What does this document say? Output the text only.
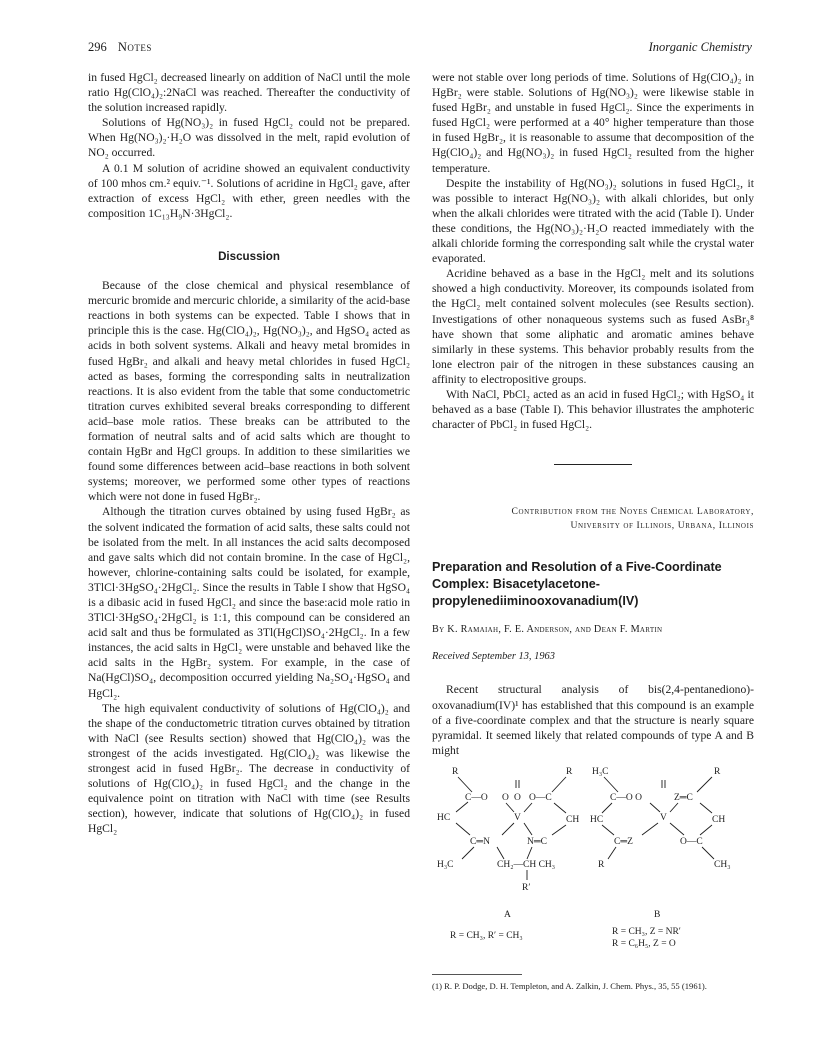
296 Notes	Inorganic Chemistry

in fused HgCl₂ decreased linearly on addition of NaCl until the mole ratio Hg(ClO₄)₂:2NaCl was reached. Thereafter the conductivity of the solution increased rapidly.

Solutions of Hg(NO₃)₂ in fused HgCl₂ could not be prepared. When Hg(NO₃)₂·H₂O was dissolved in the melt, rapid evolution of NO₂ occurred.

A 0.1 M solution of acridine showed an equivalent conductivity of 100 mhos cm.² equiv.⁻¹. Solutions of acridine in HgCl₂ gave, after extraction of excess HgCl₂ with ether, green needles with the composition 1C₁₃H₉N·3HgCl₂.

Discussion

Because of the close chemical and physical resemblance of mercuric bromide and mercuric chloride, a similarity of the acid-base reactions in both systems can be expected. Table I shows that in principle this is the case. Hg(ClO₄)₂, Hg(NO₃)₂, and HgSO₄ acted as acids in both solvent systems. Alkali and heavy metal bromides in fused HgBr₂ and alkali and heavy metal chlorides in fused HgCl₂ acted as bases, forming the corresponding salts in neutralization reactions. It is also evident from the table that some conductometric titration curves exhibited several breaks corresponding to different acid–base mole ratios. These breaks can be attributed to the formation of neutral salts and of acid salts which are thought to contain HgBr and HgCl groups. In addition to these similarities we found some differences between acid–base reactions in both solvent systems; moreover, we performed some other types of reactions which were not done in fused HgBr₂.

Although the titration curves obtained by using fused HgBr₂ as the solvent indicated the formation of acid salts, these salts could not be isolated from the melt. In all instances the acid salts decomposed and gave salts which did not contain bromine. In the case of HgCl₂, however, chlorine-containing salts could be isolated, for example, 3TlCl·3HgSO₄·2HgCl₂. Since the results in Table I show that HgSO₄ is a dibasic acid in fused HgCl₂ and since the base:acid mole ratio in 3TlCl·3HgSO₄·2HgCl₂ is 1:1, this compound can be considered an acid salt and thus be formulated as 3Tl(HgCl)SO₄·2HgCl₂. In a few instances, the acid salts in HgCl₂ were unstable and behaved like the acid salts in the HgBr₂ system. For example, in the case of Na(HgCl)SO₄, decomposition occurred yielding Na₂SO₄·HgSO₄ and HgCl₂.

The high equivalent conductivity of solutions of Hg(ClO₄)₂ and the shape of the conductometric titration curves obtained by titration with NaCl (see Results section) showed that Hg(ClO₄)₂ was the strongest of the acids investigated. Hg(ClO₄)₂ was likewise the strongest acid in fused HgBr₂. The decrease in conductivity of solutions of Hg(ClO₄)₂ in fused HgCl₂ and the change in the equivalence point on titration with NaCl with time (see Results section), however, indicate that solutions of Hg(ClO₄)₂ in fused HgCl₂

were not stable over long periods of time. Solutions of Hg(ClO₄)₂ in HgBr₂ were stable. Solutions of Hg(NO₃)₂ were likewise stable in fused HgBr₂ and unstable in fused HgCl₂. Since the experiments in fused HgCl₂ were performed at a 40° higher temperature than those in fused HgBr₂, it is reasonable to assume that decomposition of the Hg(ClO₄)₂ and Hg(NO₃)₂ in fused HgCl₂ resulted from the higher temperature.

Despite the instability of Hg(NO₃)₂ solutions in fused HgCl₂, it was possible to interact Hg(NO₃)₂ with alkali chlorides, but only when the alkali chlorides were titrated with the acid (Table I). Under these conditions, the Hg(NO₃)₂·H₂O reacted immediately with the alkali chloride forming the corresponding salt while the crystal water evaporated.

Acridine behaved as a base in the HgCl₂ melt and its solutions showed a high conductivity. Moreover, its compounds isolated from the HgCl₂ melt contained solvent molecules (see Results section). Investigations of other nonaqueous systems such as fused AsBr₃⁸ have shown that some aliphatic and aromatic amines behave similarly in these systems. This behavior probably results from the lone electron pair of the nitrogen in these substances causing an affinity to electropositive groups.

With NaCl, PbCl₂ acted as an acid in fused HgCl₂; with HgSO₄ it behaved as a base (Table I). This behavior illustrates the amphoteric character of PbCl₂ in fused HgCl₂.

Contribution from the Noyes Chemical Laboratory,
University of Illinois, Urbana, Illinois
Preparation and Resolution of a Five-Coordinate Complex: Bisacetylacetone-propylenediiminooxovanadium(IV)
By K. Ramaiah, F. E. Anderson, and Dean F. Martin
Received September 13, 1963

Recent structural analysis of bis(2,4-pentanediono)-oxovanadium(IV)¹ has established that this compound is an example of a five-coordinate complex and that the structure is nearly square pyramidal. It seemed likely that related compounds of type A and B might

R
C—O
HC
C═N
H₃C
O O
V
O—C
R
CH
N═C
CH₂—CH CH₃
R′
A
R = CH₃, R′ = CH₃
H₃C
C—O O
HC
C═Z
R
V
Z═C
R
CH
O—C
CH₃
B
R = CH₃, Z = NR′
R = C₆H₅, Z = O
(1) R. P. Dodge, D. H. Templeton, and A. Zalkin, J. Chem. Phys., 35, 55 (1961).
